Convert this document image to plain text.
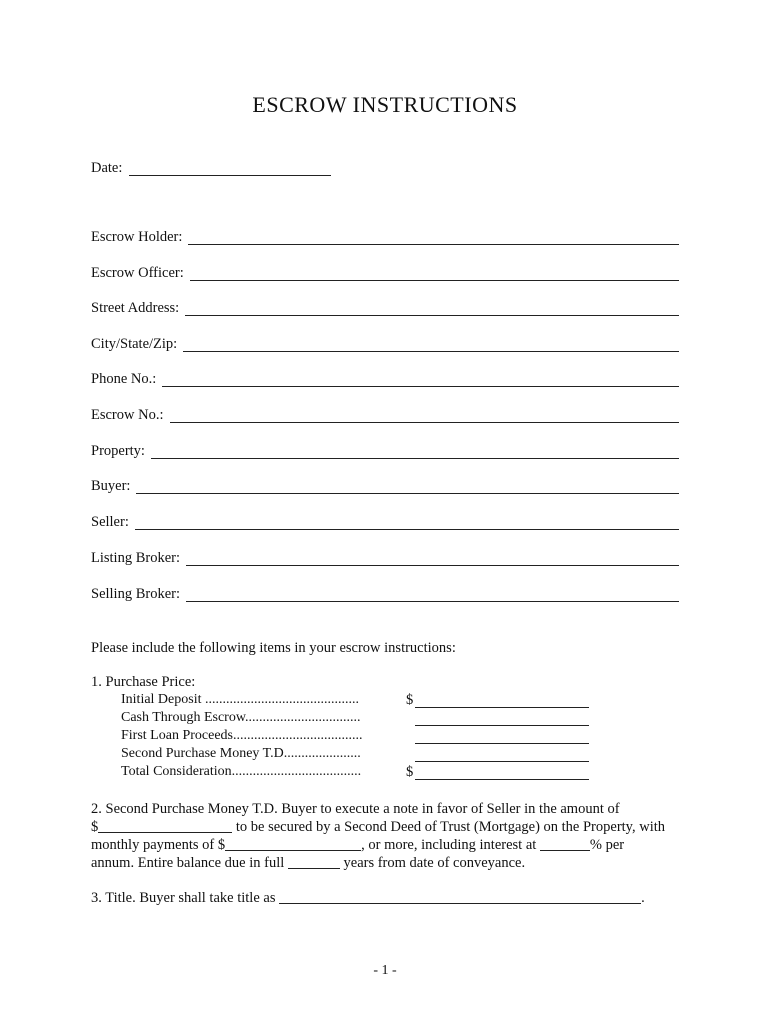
ESCROW INSTRUCTIONS
Date:
Escrow Holder:
Escrow Officer:
Street Address:
City/State/Zip:
Phone No.:
Escrow No.:
Property:
Buyer:
Seller:
Listing Broker:
Selling Broker:
Please include the following items in your escrow instructions:
1. Purchase Price:
Initial Deposit ............................................	$
Cash Through Escrow.................................
First Loan Proceeds.....................................
Second Purchase Money T.D......................
Total Consideration.....................................	$

2. Second Purchase Money T.D. Buyer to execute a note in favor of Seller in the amount of

$	to be secured by a Second Deed of Trust (Mortgage) on the Property, with

monthly payments of $	, or more, including interest at	% per

annum. Entire balance due in full	years from date of conveyance.

3. Title. Buyer shall take title as	.
- 1 -
